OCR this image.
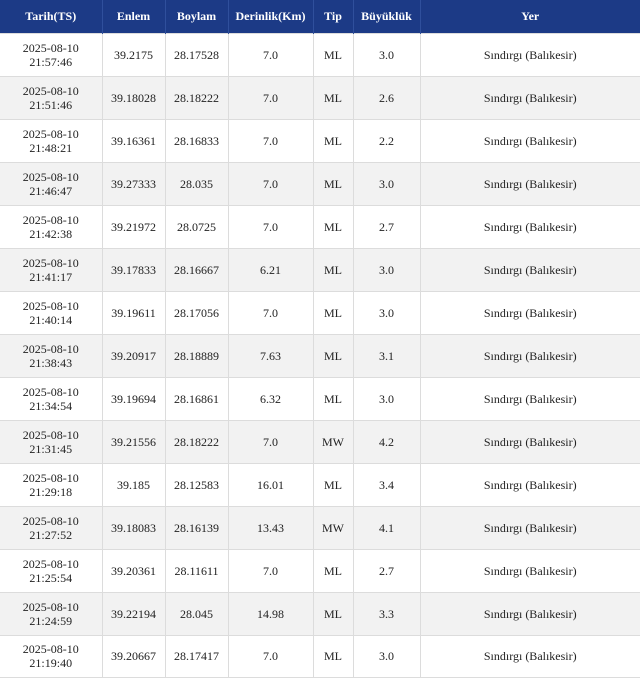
Tarih(TS)	Enlem	Boylam	Derinlik(Km)	Tip	Büyüklük	Yer

2025-08-10
21:57:46	39.2175	28.17528	7.0	ML	3.0	Sındırgı (Balıkesir)

2025-08-10
21:51:46	39.18028	28.18222	7.0	ML	2.6	Sındırgı (Balıkesir)

2025-08-10
21:48:21	39.16361	28.16833	7.0	ML	2.2	Sındırgı (Balıkesir)

2025-08-10
21:46:47	39.27333	28.035	7.0	ML	3.0	Sındırgı (Balıkesir)

2025-08-10
21:42:38	39.21972	28.0725	7.0	ML	2.7	Sındırgı (Balıkesir)

2025-08-10
21:41:17	39.17833	28.16667	6.21	ML	3.0	Sındırgı (Balıkesir)

2025-08-10
21:40:14	39.19611	28.17056	7.0	ML	3.0	Sındırgı (Balıkesir)

2025-08-10
21:38:43	39.20917	28.18889	7.63	ML	3.1	Sındırgı (Balıkesir)

2025-08-10
21:34:54	39.19694	28.16861	6.32	ML	3.0	Sındırgı (Balıkesir)

2025-08-10
21:31:45	39.21556	28.18222	7.0	MW	4.2	Sındırgı (Balıkesir)

2025-08-10
21:29:18	39.185	28.12583	16.01	ML	3.4	Sındırgı (Balıkesir)

2025-08-10
21:27:52	39.18083	28.16139	13.43	MW	4.1	Sındırgı (Balıkesir)

2025-08-10
21:25:54	39.20361	28.11611	7.0	ML	2.7	Sındırgı (Balıkesir)

2025-08-10
21:24:59	39.22194	28.045	14.98	ML	3.3	Sındırgı (Balıkesir)

2025-08-10
21:19:40	39.20667	28.17417	7.0	ML	3.0	Sındırgı (Balıkesir)
